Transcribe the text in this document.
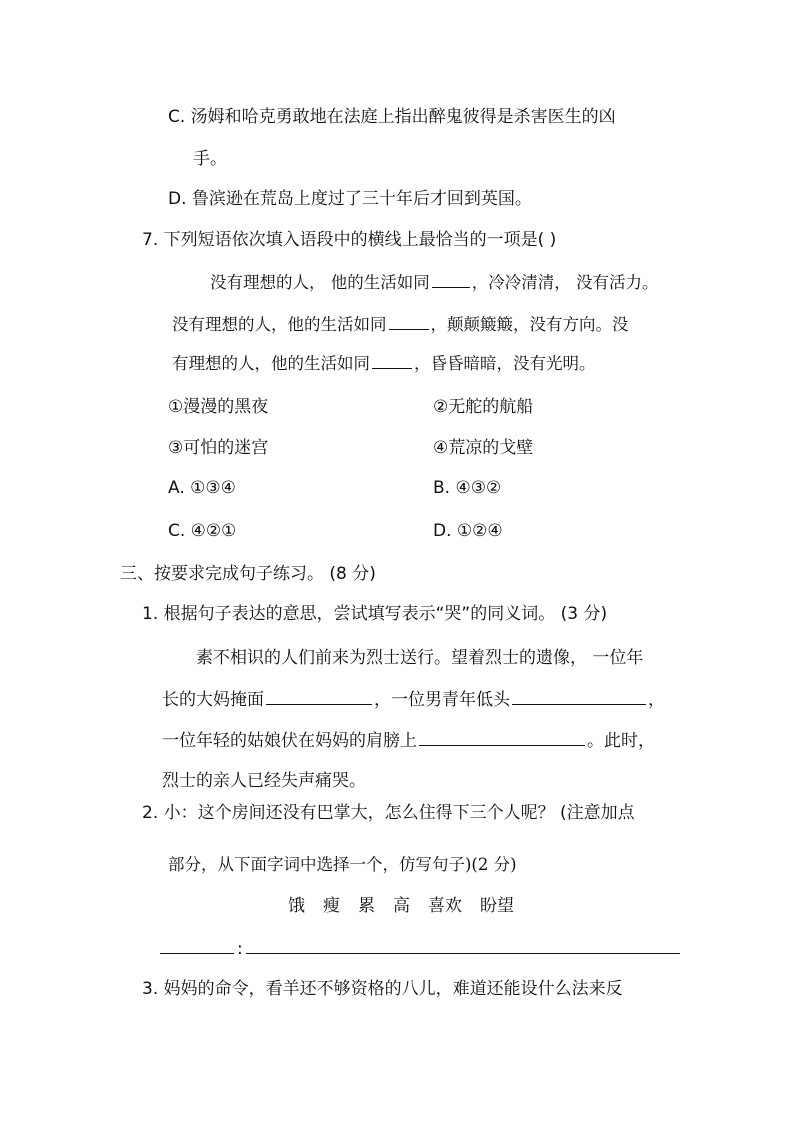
C. 汤姆和哈克勇敢地在法庭上指出醉鬼彼得是杀害医生的凶
手。
D. 鲁滨逊在荒岛上度过了三十年后才回到英国。
7. 下列短语依次填入语段中的横线上最恰当的一项是( )
没有理想的人， 他的生活如同	，冷冷清清， 没有活力。
没有理想的人，他的生活如同	，颠颠簸簸，没有方向。没
有理想的人，他的生活如同	，昏昏暗暗，没有光明。
①漫漫的黑夜	②无舵的航船
③可怕的迷宫	④荒凉的戈壁
A. ①③④	B. ④③②
C. ④②①	D. ①②④
三、按要求完成句子练习。 (8 分)
1. 根据句子表达的意思，尝试填写表示“哭”的同义词。 (3 分)
素不相识的人们前来为烈士送行。望着烈士的遗像， 一位年
长的大妈掩面	，一位男青年低头	，
一位年轻的姑娘伏在妈妈的肩膀上	。此时，
烈士的亲人已经失声痛哭。
2. 小：这个房间还没有巴掌大，怎么住得下三个人呢？ (注意加点
部分，从下面字词中选择一个，仿写句子)(2 分)
饿 瘦 累 高 喜欢 盼望
:
3. 妈妈的命令，看羊还不够资格的八儿，难道还能设什么法来反
